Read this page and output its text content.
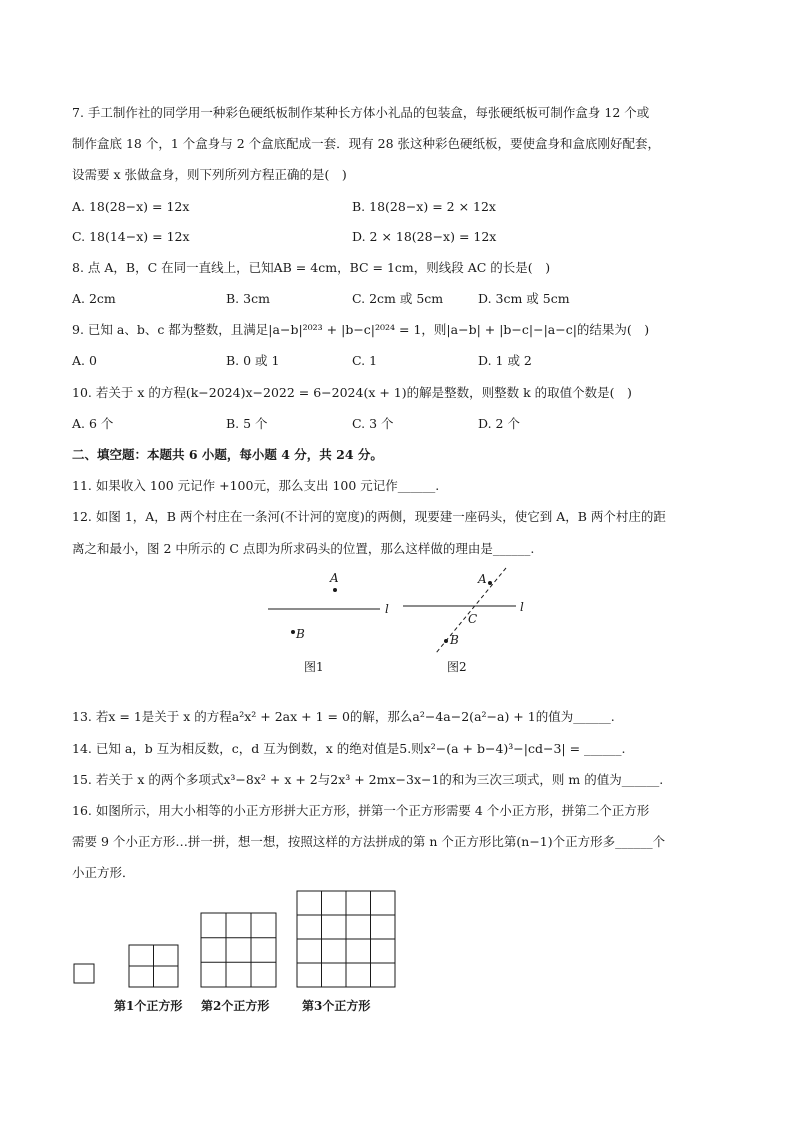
7. 手工制作社的同学用一种彩色硬纸板制作某种长方体小礼品的包装盒，每张硬纸板可制作盒身 12 个或
制作盒底 18 个，1 个盒身与 2 个盒底配成一套．现有 28 张这种彩色硬纸板，要使盒身和盒底刚好配套，
设需要 x 张做盒身，则下列所列方程正确的是(　)
A. 18(28−x) = 12x	B. 18(28−x) = 2 × 12x
C. 18(14−x) = 12x	D. 2 × 18(28−x) = 12x
8. 点 A，B，C 在同一直线上，已知AB = 4cm，BC = 1cm，则线段 AC 的长是(　)
A. 2cm	B. 3cm	C. 2cm 或 5cm	D. 3cm 或 5cm
9. 已知 a、b、c 都为整数，且满足|a−b|²⁰²³ + |b−c|²⁰²⁴ = 1，则|a−b| + |b−c|−|a−c|的结果为(　)
A. 0	B. 0 或 1	C. 1	D. 1 或 2
10. 若关于 x 的方程(k−2024)x−2022 = 6−2024(x + 1)的解是整数，则整数 k 的取值个数是(　)
A. 6 个	B. 5 个	C. 3 个	D. 2 个
二、填空题：本题共 6 小题，每小题 4 分，共 24 分。
11. 如果收入 100 元记作 +100元，那么支出 100 元记作______.
12. 如图 1，A，B 两个村庄在一条河(不计河的宽度)的两侧，现要建一座码头，使它到 A，B 两个村庄的距
离之和最小，图 2 中所示的 C 点即为所求码头的位置，那么这样做的理由是______.
A
B
l
图1
A
B
C
l
图2
13. 若x = 1是关于 x 的方程a²x² + 2ax + 1 = 0的解，那么a²−4a−2(a²−a) + 1的值为______.
14. 已知 a，b 互为相反数，c，d 互为倒数，x 的绝对值是5.则x²−(a + b−4)³−|cd−3| = ______.
15. 若关于 x 的两个多项式x³−8x² + x + 2与2x³ + 2mx−3x−1的和为三次三项式，则 m 的值为______.
16. 如图所示，用大小相等的小正方形拼大正方形，拼第一个正方形需要 4 个小正方形，拼第二个正方形
需要 9 个小正方形…拼一拼，想一想，按照这样的方法拼成的第 n 个正方形比第(n−1)个正方形多______个
小正方形．
第1个正方形 第2个正方形	第3个正方形
